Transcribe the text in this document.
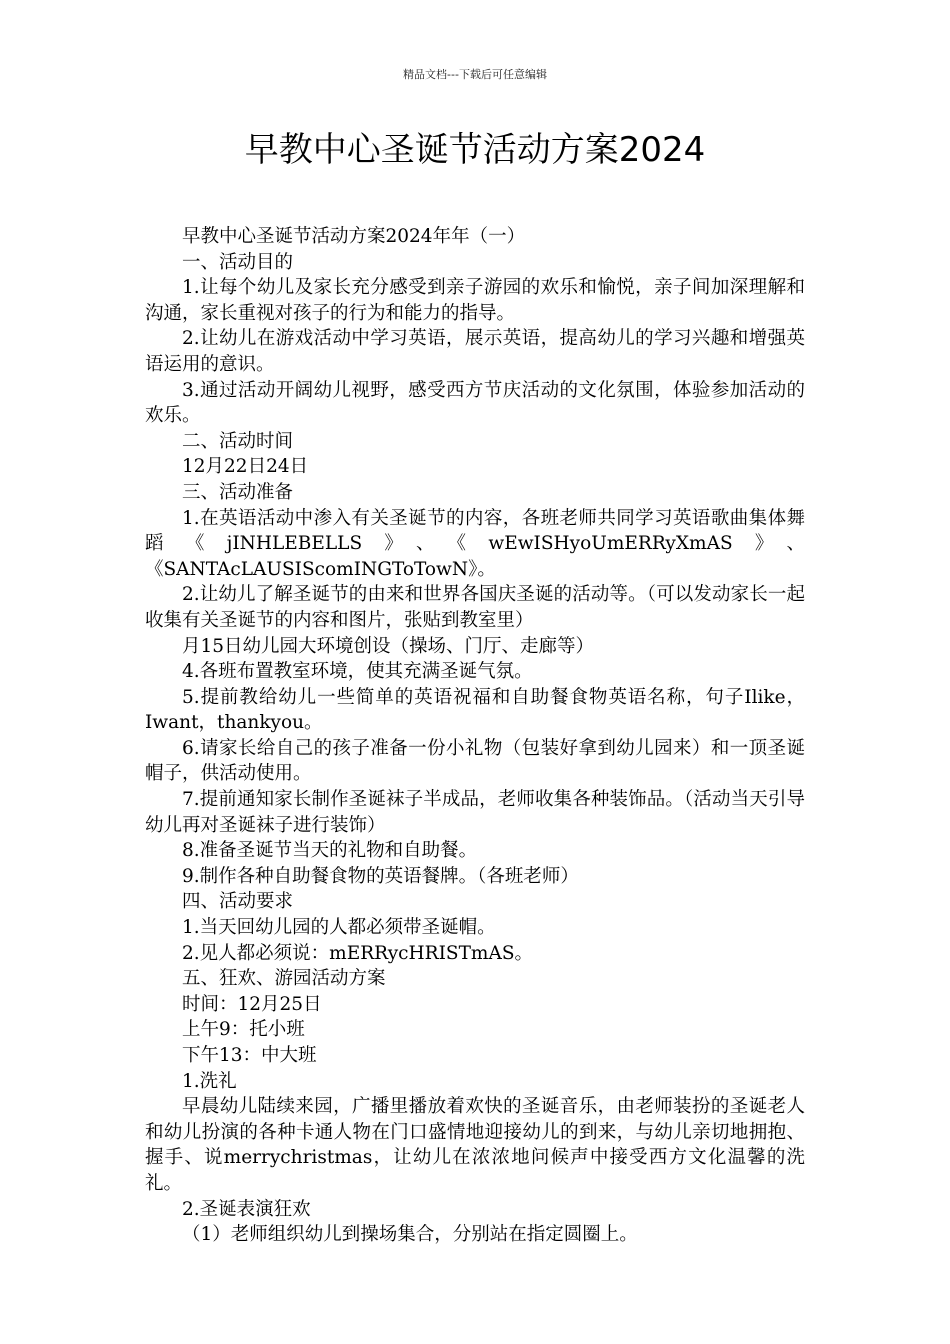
精品文档---下载后可任意编辑
早教中心圣诞节活动方案2024

早教中心圣诞节活动方案2024年年（一）

一、活动目的

1.让每个幼儿及家长充分感受到亲子游园的欢乐和愉悦，亲子间加深理解和沟通，家长重视对孩子的行为和能力的指导。

2.让幼儿在游戏活动中学习英语，展示英语，提高幼儿的学习兴趣和增强英语运用的意识。

3.通过活动开阔幼儿视野，感受西方节庆活动的文化氛围，体验参加活动的欢乐。

二、活动时间

12月22日24日

三、活动准备

1.在英语活动中渗入有关圣诞节的内容，各班老师共同学习英语歌曲集体舞蹈《jINHLEBELLS》、《wEwISHyoUmERRyXmAS》、《SANTAcLAUSIScomINGToTowN》。

2.让幼儿了解圣诞节的由来和世界各国庆圣诞的活动等。（可以发动家长一起收集有关圣诞节的内容和图片，张贴到教室里）

月15日幼儿园大环境创设（操场、门厅、走廊等）

4.各班布置教室环境，使其充满圣诞气氛。

5.提前教给幼儿一些简单的英语祝福和自助餐食物英语名称，句子Ilike，Iwant，thankyou。

6.请家长给自己的孩子准备一份小礼物（包装好拿到幼儿园来）和一顶圣诞帽子，供活动使用。

7.提前通知家长制作圣诞袜子半成品，老师收集各种装饰品。（活动当天引导幼儿再对圣诞袜子进行装饰）

8.准备圣诞节当天的礼物和自助餐。

9.制作各种自助餐食物的英语餐牌。（各班老师）

四、活动要求

1.当天回幼儿园的人都必须带圣诞帽。

2.见人都必须说：mERRycHRISTmAS。

五、狂欢、游园活动方案

时间：12月25日

上午9：托小班

下午13：中大班

1.洗礼

早晨幼儿陆续来园，广播里播放着欢快的圣诞音乐，由老师装扮的圣诞老人和幼儿扮演的各种卡通人物在门口盛情地迎接幼儿的到来，与幼儿亲切地拥抱、握手、说merrychristmas，让幼儿在浓浓地问候声中接受西方文化温馨的洗礼。

2.圣诞表演狂欢

（1）老师组织幼儿到操场集合，分别站在指定圆圈上。
